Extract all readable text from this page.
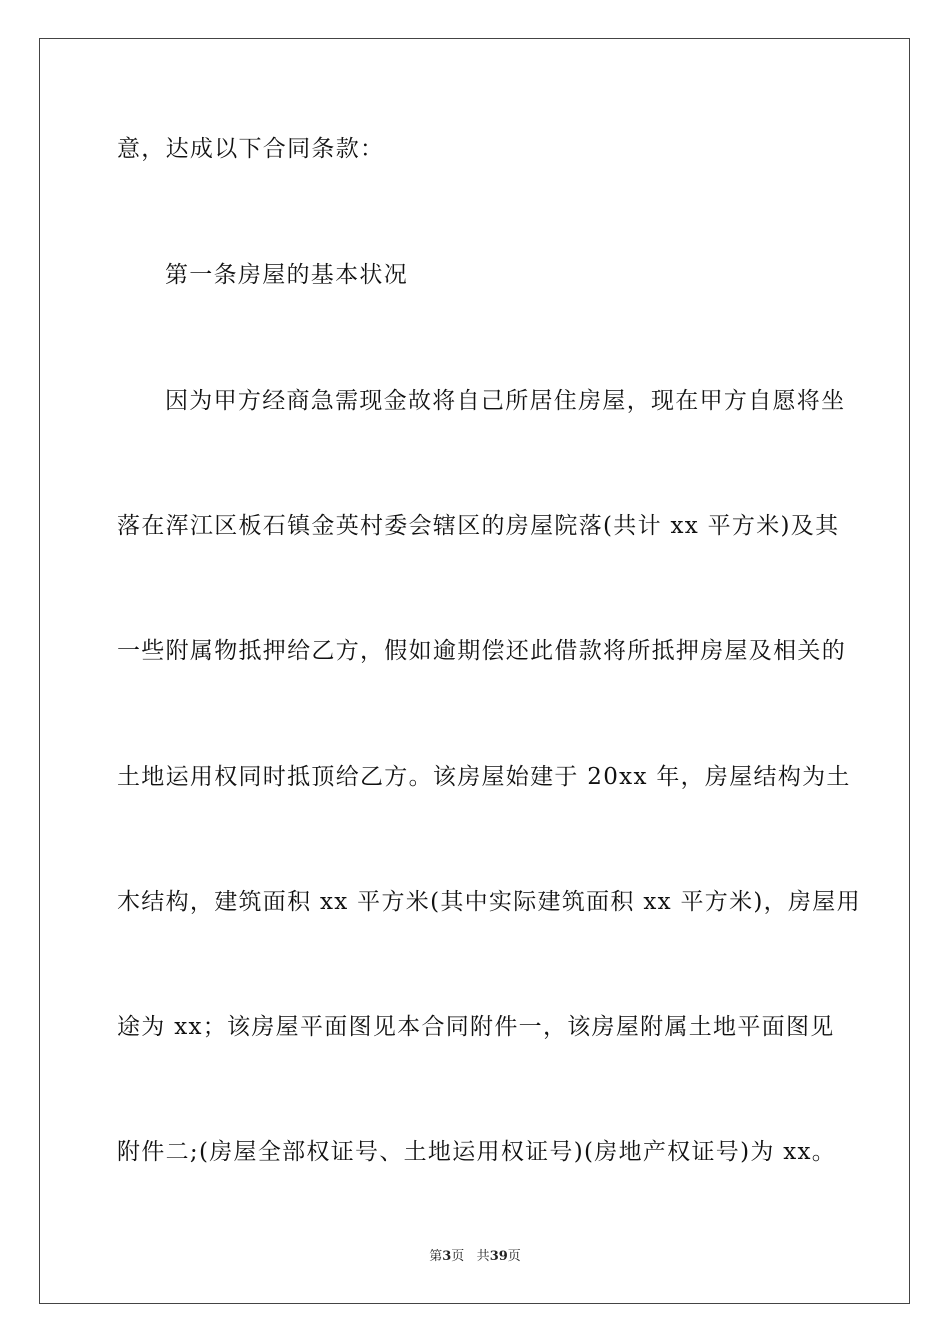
意，达成以下合同条款：
第一条房屋的基本状况
因为甲方经商急需现金故将自己所居住房屋，现在甲方自愿将坐
落在浑江区板石镇金英村委会辖区的房屋院落(共计 xx 平方米)及其
一些附属物抵押给乙方，假如逾期偿还此借款将所抵押房屋及相关的
土地运用权同时抵顶给乙方。该房屋始建于 20xx 年，房屋结构为土
木结构，建筑面积 xx 平方米(其中实际建筑面积 xx 平方米)，房屋用
途为 xx；该房屋平面图见本合同附件一，该房屋附属土地平面图见
附件二;(房屋全部权证号、土地运用权证号)(房地产权证号)为 xx。
第3页 共39页
